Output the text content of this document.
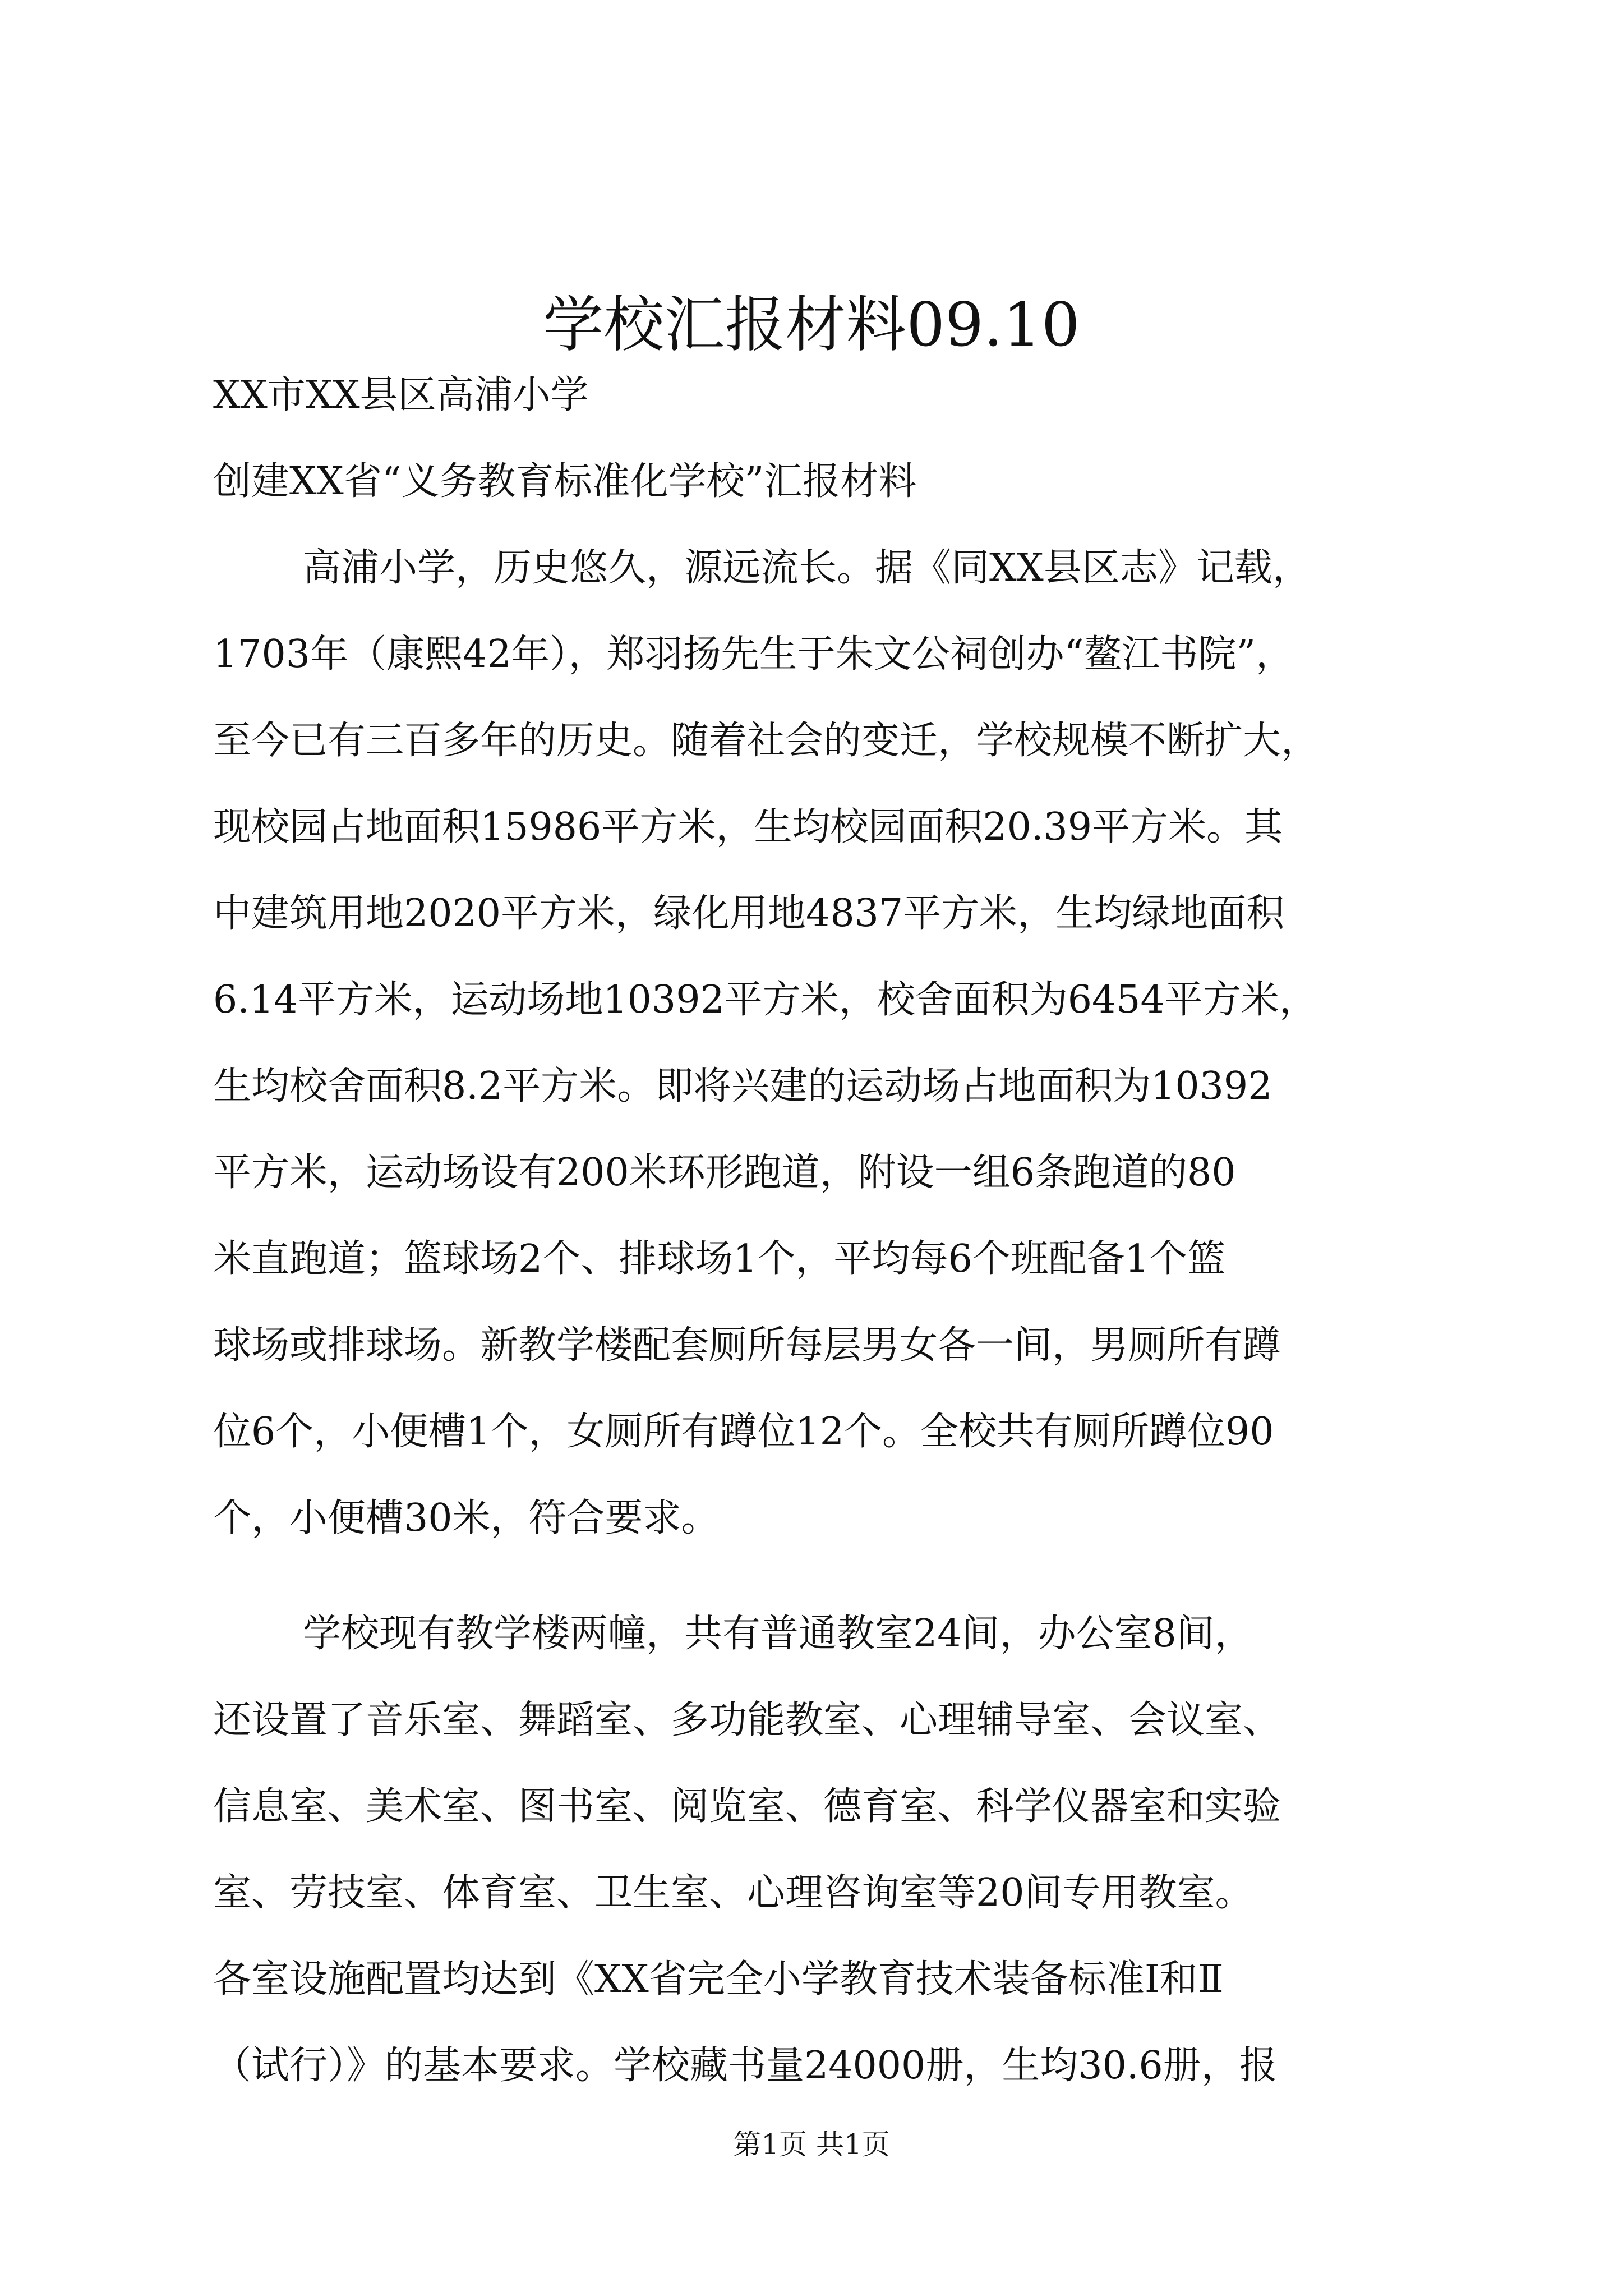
学校汇报材料09.10
XX市XX县区高浦小学
创建XX省“义务教育标准化学校”汇报材料
高浦小学，历史悠久，源远流长。据《同XX县区志》记载，
1703年（康熙42年），郑羽扬先生于朱文公祠创办“鳌江书院”，
至今已有三百多年的历史。随着社会的变迁，学校规模不断扩大，
现校园占地面积15986平方米，生均校园面积20.39平方米。其
中建筑用地2020平方米，绿化用地4837平方米，生均绿地面积
6.14平方米，运动场地10392平方米，校舍面积为6454平方米，
生均校舍面积8.2平方米。即将兴建的运动场占地面积为10392
平方米，运动场设有200米环形跑道，附设一组6条跑道的80
米直跑道；篮球场2个、排球场1个，平均每6个班配备1个篮
球场或排球场。新教学楼配套厕所每层男女各一间，男厕所有蹲
位6个，小便槽1个，女厕所有蹲位12个。全校共有厕所蹲位90
个，小便槽30米，符合要求。
学校现有教学楼两幢，共有普通教室24间，办公室8间，
还设置了音乐室、舞蹈室、多功能教室、心理辅导室、会议室、
信息室、美术室、图书室、阅览室、德育室、科学仪器室和实验
室、劳技室、体育室、卫生室、心理咨询室等20间专用教室。
各室设施配置均达到《XX省完全小学教育技术装备标准Ⅰ和Ⅱ
（试行）》的基本要求。学校藏书量24000册，生均30.6册，报
第1页 共1页
